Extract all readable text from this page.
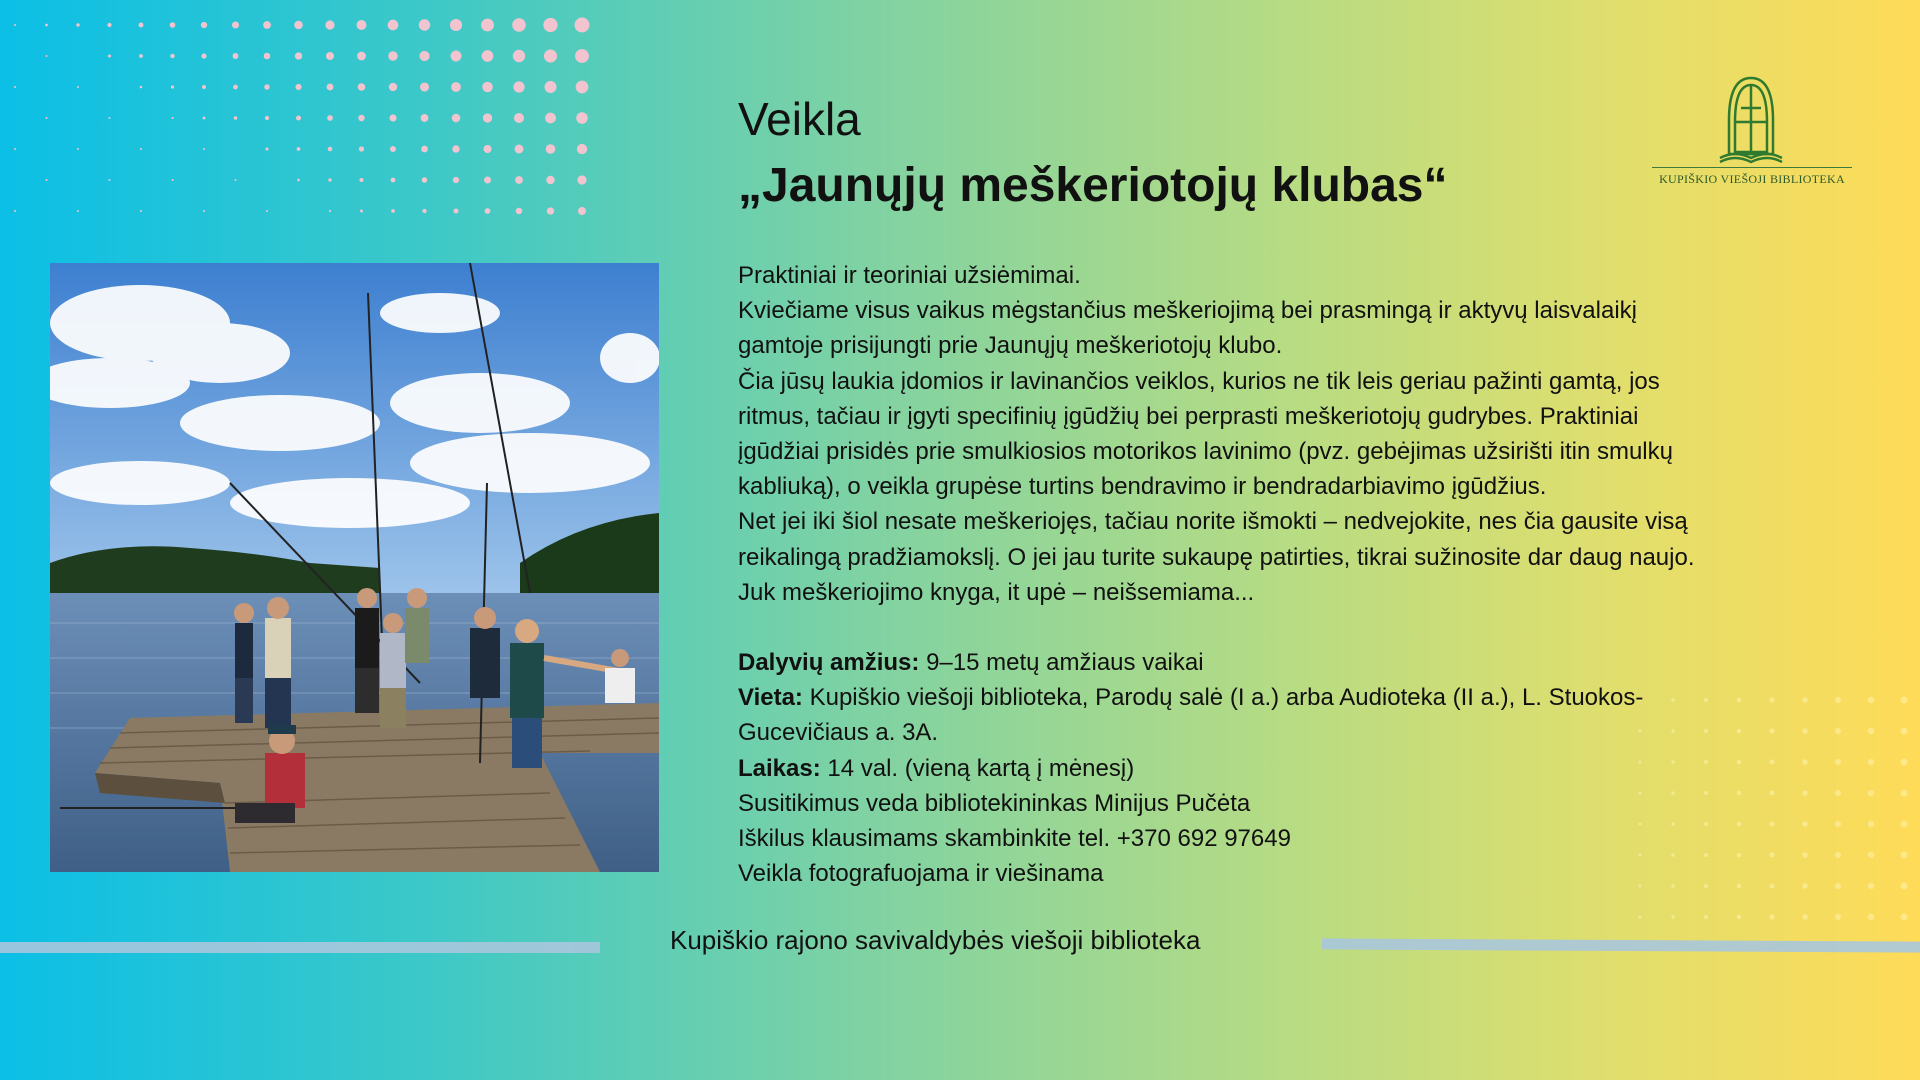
Veikla
„Jaunųjų meškeriotojų klubas“	KUPIŠKIO VIEŠOJI BIBLIOTEKA

Praktiniai ir teoriniai užsiėmimai.

Kviečiame visus vaikus mėgstančius meškeriojimą bei prasmingą ir aktyvų laisvalaikį

gamtoje prisijungti prie Jaunųjų meškeriotojų klubo.

Čia jūsų laukia įdomios ir lavinančios veiklos, kurios ne tik leis geriau pažinti gamtą, jos

ritmus, tačiau ir įgyti specifinių įgūdžių bei perprasti meškeriotojų gudrybes. Praktiniai

įgūdžiai prisidės prie smulkiosios motorikos lavinimo (pvz. gebėjimas užsirišti itin smulkų

kabliuką), o veikla grupėse turtins bendravimo ir bendradarbiavimo įgūdžius.

Net jei iki šiol nesate meškeriojęs, tačiau norite išmokti – nedvejokite, nes čia gausite visą

reikalingą pradžiamokslį. O jei jau turite sukaupę patirties, tikrai sužinosite dar daug naujo.

Juk meškeriojimo knyga, it upė – neišsemiama...

Dalyvių amžius: 9–15 metų amžiaus vaikai

Vieta: Kupiškio viešoji biblioteka, Parodų salė (I a.) arba Audioteka (II a.), L. Stuokos-

Gucevičiaus a. 3A.

Laikas: 14 val. (vieną kartą į mėnesį)

Susitikimus veda bibliotekininkas Minijus Pučėta

Iškilus klausimams skambinkite tel. +370 692 97649

Veikla fotografuojama ir viešinama

Kupiškio rajono savivaldybės viešoji biblioteka
